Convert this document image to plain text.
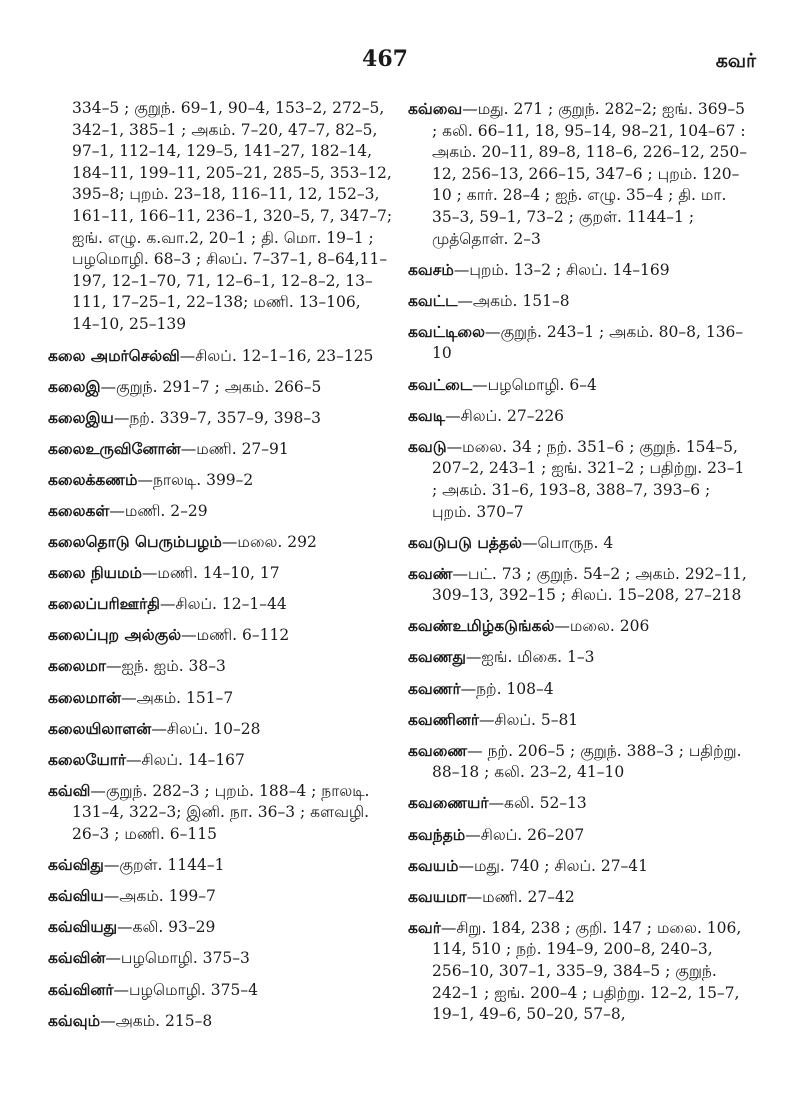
467	கவர்

334–5 ; குறுந். 69–1, 90–4, 153–2, 272–5, 342–1, 385–1 ; அகம். 7–20, 47–7, 82–5, 97–1, 112–14, 129–5, 141–27, 182–14, 184–11, 199–11, 205–21, 285–5, 353–12, 395–8; புறம். 23–18, 116–11, 12, 152–3, 161–11, 166–11, 236–1, 320–5, 7, 347–7; ஐங். எழு. க.வா.2, 20–1 ; தி. மொ. 19–1 ; பழமொழி. 68–3 ; சிலப். 7–37–1, 8–64,11–197, 12–1–70, 71, 12–6–1, 12–8–2, 13–111, 17–25–1, 22–138; மணி. 13–106, 14–10, 25–139

கலை அமர்செல்வி—சிலப். 12–1–16, 23–125

கலைஇ—குறுந். 291–7 ; அகம். 266–5

கலைஇய—நற். 339–7, 357–9, 398–3

கலைஉருவினோன்—மணி. 27–91

கலைக்கணம்—நாலடி. 399–2

கலைகள்—மணி. 2–29

கலைதொடு பெரும்பழம்—மலை. 292

கலை நியமம்—மணி. 14–10, 17

கலைப்பரிஊர்தி—சிலப். 12–1–44

கலைப்புற அல்குல்—மணி. 6–112

கலைமா—ஐந். ஐம். 38–3

கலைமான்—அகம். 151–7

கலையிலாளன்—சிலப். 10–28

கலையோர்—சிலப். 14–167

கவ்வி—குறுந். 282–3 ; புறம். 188–4 ; நாலடி. 131–4, 322–3; இனி. நா. 36–3 ; களவழி. 26–3 ; மணி. 6–115

கவ்விது—குறள். 1144–1

கவ்விய—அகம். 199–7

கவ்வியது—கலி. 93–29

கவ்வின்—பழமொழி. 375–3

கவ்வினர்—பழமொழி. 375–4

கவ்வும்—அகம். 215–8

கவ்வை—மது. 271 ; குறுந். 282–2; ஐங். 369–5 ; கலி. 66–11, 18, 95–14, 98–21, 104–67 : அகம். 20–11, 89–8, 118–6, 226–12, 250–12, 256–13, 266–15, 347–6 ; புறம். 120–10 ; கார். 28–4 ; ஐந். எழு. 35–4 ; தி. மா. 35–3, 59–1, 73–2 ; குறள். 1144–1 ; முத்தொள். 2–3

கவசம்—புறம். 13–2 ; சிலப். 14–169

கவட்ட—அகம். 151–8

கவட்டிலை—குறுந். 243–1 ; அகம். 80–8, 136–10

கவட்டை—பழமொழி. 6–4

கவடி—சிலப். 27–226

கவடு—மலை. 34 ; நற். 351–6 ; குறுந். 154–5, 207–2, 243–1 ; ஐங். 321–2 ; பதிற்று. 23–1 ; அகம். 31–6, 193–8, 388–7, 393–6 ; புறம். 370–7

கவடுபடு பத்தல்—பொருந. 4

கவண்—பட். 73 ; குறுந். 54–2 ; அகம். 292–11, 309–13, 392–15 ; சிலப். 15–208, 27–218

கவண்உமிழ்கடுங்கல்—மலை. 206

கவணது—ஐங். மிகை. 1–3

கவணர்—நற். 108–4

கவணினர்—சிலப். 5–81

கவணை— நற். 206–5 ; குறுந். 388–3 ; பதிற்று. 88–18 ; கலி. 23–2, 41–10

கவணையர்—கலி. 52–13

கவந்தம்—சிலப். 26–207

கவயம்—மது. 740 ; சிலப். 27–41

கவயமா—மணி. 27–42

கவர்—சிறு. 184, 238 ; குறி. 147 ; மலை. 106, 114, 510 ; நற். 194–9, 200–8, 240–3, 256–10, 307–1, 335–9, 384–5 ; குறுந். 242–1 ; ஐங். 200–4 ; பதிற்று. 12–2, 15–7, 19–1, 49–6, 50–20, 57–8,
